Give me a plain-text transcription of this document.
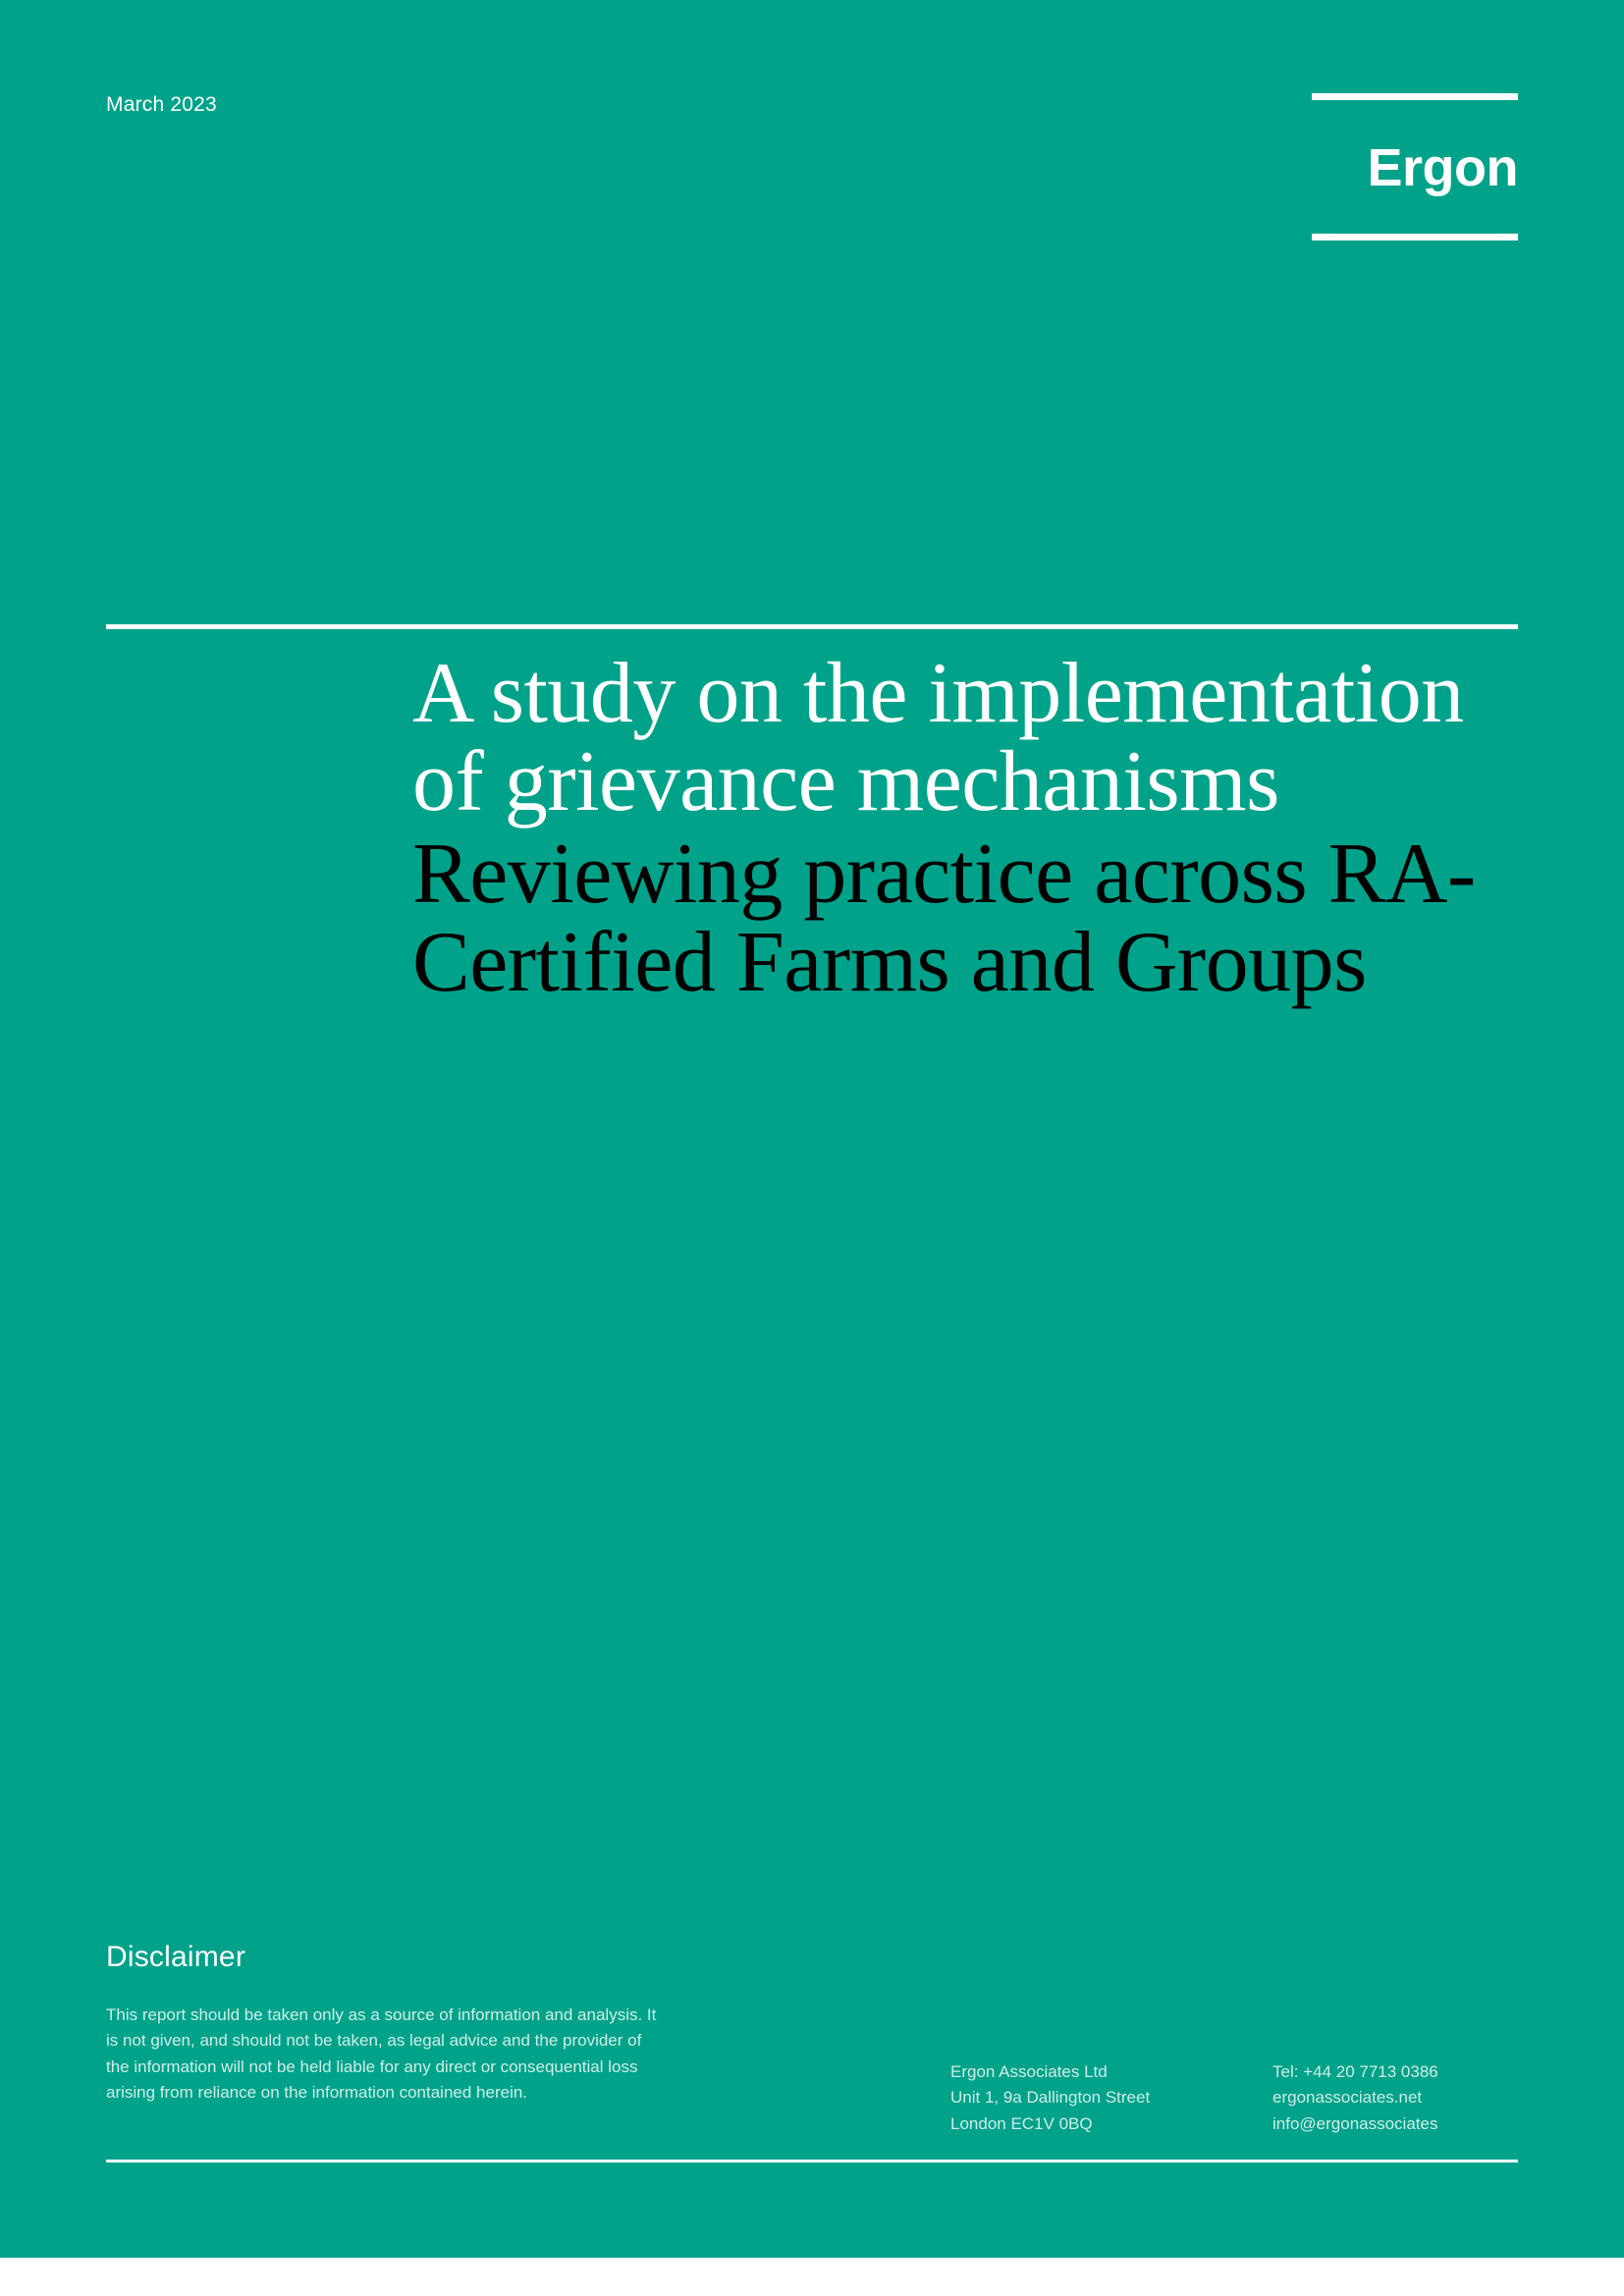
March 2023
Ergon
A study on the implementation of grievance mechanisms
Reviewing practice across RA-Certified Farms and Groups
Disclaimer
This report should be taken only as a source of information and analysis. It is not given, and should not be taken, as legal advice and the provider of the information will not be held liable for any direct or consequential loss arising from reliance on the information contained herein.
Ergon Associates Ltd
Unit 1, 9a Dallington Street
London EC1V 0BQ
Tel: +44 20 7713 0386
ergonassociates.net
info@ergonassociates
